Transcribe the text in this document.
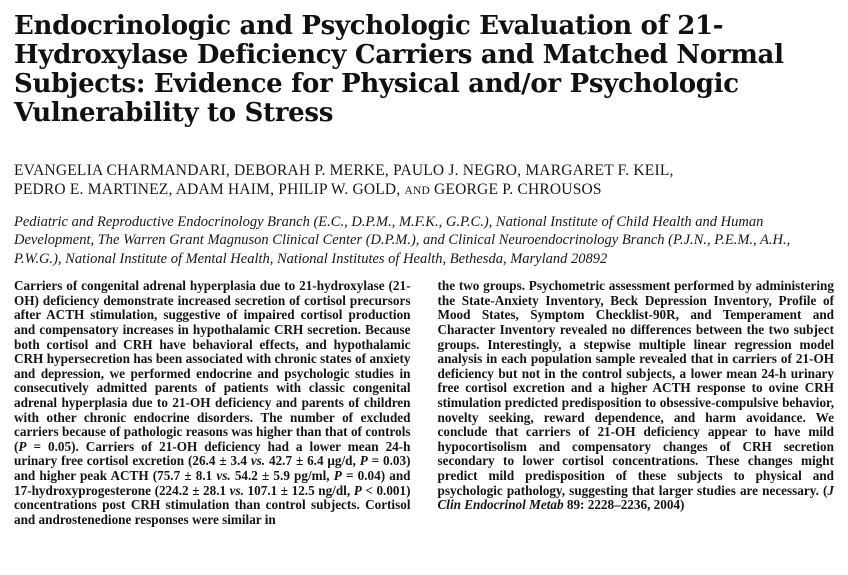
Endocrinologic and Psychologic Evaluation of 21-Hydroxylase Deficiency Carriers and Matched Normal Subjects: Evidence for Physical and/or Psychologic Vulnerability to Stress
EVANGELIA CHARMANDARI, DEBORAH P. MERKE, PAULO J. NEGRO, MARGARET F. KEIL,
PEDRO E. MARTINEZ, ADAM HAIM, PHILIP W. GOLD, AND GEORGE P. CHROUSOS
Pediatric and Reproductive Endocrinology Branch (E.C., D.P.M., M.F.K., G.P.C.), National Institute of Child Health and Human Development, The Warren Grant Magnuson Clinical Center (D.P.M.), and Clinical Neuroendocrinology Branch (P.J.N., P.E.M., A.H., P.W.G.), National Institute of Mental Health, National Institutes of Health, Bethesda, Maryland 20892
Carriers of congenital adrenal hyperplasia due to 21-hydroxylase (21-OH) deficiency demonstrate increased secretion of cortisol precursors after ACTH stimulation, suggestive of impaired cortisol production and compensatory increases in hypothalamic CRH secretion. Because both cortisol and CRH have behavioral effects, and hypothalamic CRH hypersecretion has been associated with chronic states of anxiety and depression, we performed endocrine and psychologic studies in consecutively admitted parents of patients with classic congenital adrenal hyperplasia due to 21-OH deficiency and parents of children with other chronic endocrine disorders. The number of excluded carriers because of pathologic reasons was higher than that of controls (P = 0.05). Carriers of 21-OH deficiency had a lower mean 24-h urinary free cortisol excretion (26.4 ± 3.4 vs. 42.7 ± 6.4 μg/d, P = 0.03) and higher peak ACTH (75.7 ± 8.1 vs. 54.2 ± 5.9 pg/ml, P = 0.04) and 17-hydroxyprogesterone (224.2 ± 28.1 vs. 107.1 ± 12.5 ng/dl, P < 0.001) concentrations post CRH stimulation than control subjects. Cortisol and androstenedione responses were similar in
the two groups. Psychometric assessment performed by administering the State-Anxiety Inventory, Beck Depression Inventory, Profile of Mood States, Symptom Checklist-90R, and Temperament and Character Inventory revealed no differences between the two subject groups. Interestingly, a stepwise multiple linear regression model analysis in each population sample revealed that in carriers of 21-OH deficiency but not in the control subjects, a lower mean 24-h urinary free cortisol excretion and a higher ACTH response to ovine CRH stimulation predicted predisposition to obsessive-compulsive behavior, novelty seeking, reward dependence, and harm avoidance. We conclude that carriers of 21-OH deficiency appear to have mild hypocortisolism and compensatory changes of CRH secretion secondary to lower cortisol concentrations. These changes might predict mild predisposition of these subjects to physical and psychologic pathology, suggesting that larger studies are necessary. (J Clin Endocrinol Metab 89: 2228–2236, 2004)
